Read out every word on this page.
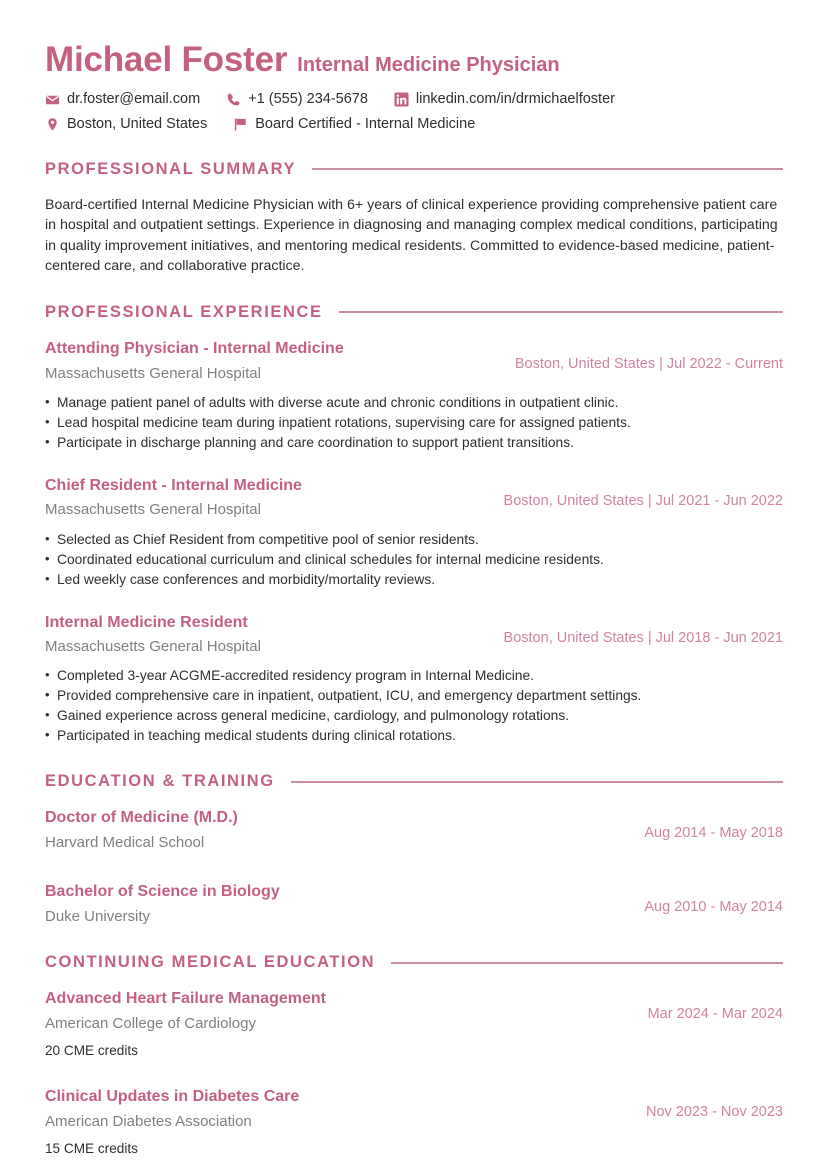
Michael Foster Internal Medicine Physician
dr.foster@email.com	+1 (555) 234-5678	linkedin.com/in/drmichaelfoster
Boston, United States	Board Certified - Internal Medicine
PROFESSIONAL SUMMARY

Board-certified Internal Medicine Physician with 6+ years of clinical experience providing comprehensive patient care in hospital and outpatient settings. Experience in diagnosing and managing complex medical conditions, participating in quality improvement initiatives, and mentoring medical residents. Committed to evidence-based medicine, patient-centered care, and collaborative practice.

PROFESSIONAL EXPERIENCE
Attending Physician - Internal Medicine
Massachusetts General Hospital
Boston, United States | Jul 2022 - Current
• Manage patient panel of adults with diverse acute and chronic conditions in outpatient clinic.
• Lead hospital medicine team during inpatient rotations, supervising care for assigned patients.
• Participate in discharge planning and care coordination to support patient transitions.
Chief Resident - Internal Medicine
Massachusetts General Hospital
Boston, United States | Jul 2021 - Jun 2022
• Selected as Chief Resident from competitive pool of senior residents.
• Coordinated educational curriculum and clinical schedules for internal medicine residents.
• Led weekly case conferences and morbidity/mortality reviews.
Internal Medicine Resident
Massachusetts General Hospital
Boston, United States | Jul 2018 - Jun 2021
• Completed 3-year ACGME-accredited residency program in Internal Medicine.
• Provided comprehensive care in inpatient, outpatient, ICU, and emergency department settings.
• Gained experience across general medicine, cardiology, and pulmonology rotations.
• Participated in teaching medical students during clinical rotations.
EDUCATION & TRAINING
Doctor of Medicine (M.D.)
Harvard Medical School
Aug 2014 - May 2018
Bachelor of Science in Biology
Duke University
Aug 2010 - May 2014
CONTINUING MEDICAL EDUCATION
Advanced Heart Failure Management
American College of Cardiology
20 CME credits
Mar 2024 - Mar 2024
Clinical Updates in Diabetes Care
American Diabetes Association
15 CME credits
Nov 2023 - Nov 2023
